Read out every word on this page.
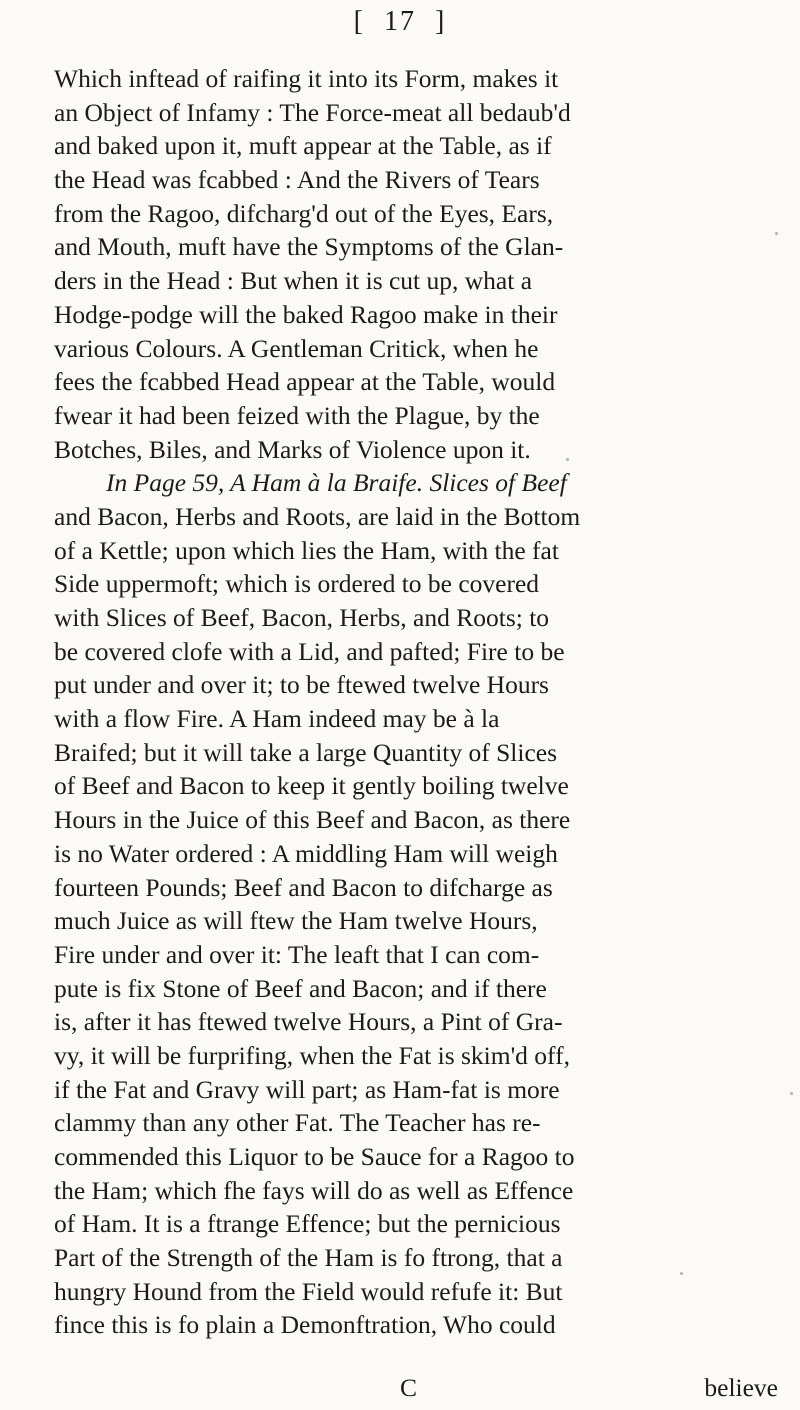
[ 17 ]
Which inftead of raifing it into its Form, makes it
an Object of Infamy : The Force-meat all bedaub'd
and baked upon it, muft appear at the Table, as if
the Head was fcabbed : And the Rivers of Tears
from the Ragoo, difcharg'd out of the Eyes, Ears,
and Mouth, muft have the Symptoms of the Glan-
ders in the Head : But when it is cut up, what a
Hodge-podge will the baked Ragoo make in their
various Colours. A Gentleman Critick, when he
fees the fcabbed Head appear at the Table, would
fwear it had been feized with the Plague, by the
Botches, Biles, and Marks of Violence upon it.
In Page 59, A Ham à la Braife. Slices of Beef
and Bacon, Herbs and Roots, are laid in the Bottom
of a Kettle; upon which lies the Ham, with the fat
Side uppermoft; which is ordered to be covered
with Slices of Beef, Bacon, Herbs, and Roots; to
be covered clofe with a Lid, and pafted; Fire to be
put under and over it; to be ftewed twelve Hours
with a flow Fire. A Ham indeed may be à la
Braifed; but it will take a large Quantity of Slices
of Beef and Bacon to keep it gently boiling twelve
Hours in the Juice of this Beef and Bacon, as there
is no Water ordered : A middling Ham will weigh
fourteen Pounds; Beef and Bacon to difcharge as
much Juice as will ftew the Ham twelve Hours,
Fire under and over it: The leaft that I can com-
pute is fix Stone of Beef and Bacon; and if there
is, after it has ftewed twelve Hours, a Pint of Gra-
vy, it will be furprifing, when the Fat is skim'd off,
if the Fat and Gravy will part; as Ham-fat is more
clammy than any other Fat. The Teacher has re-
commended this Liquor to be Sauce for a Ragoo to
the Ham; which fhe fays will do as well as Effence
of Ham. It is a ftrange Effence; but the pernicious
Part of the Strength of the Ham is fo ftrong, that a
hungry Hound from the Field would refufe it: But
fince this is fo plain a Demonftration, Who could
C	believe
